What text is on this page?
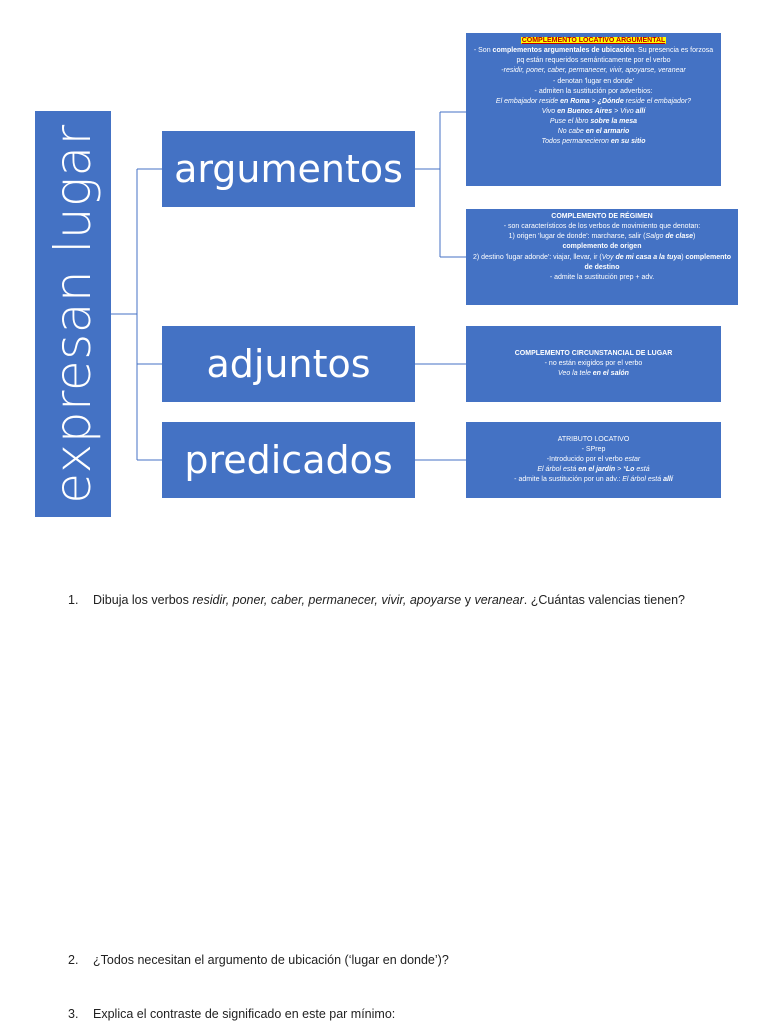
expresan lugar argumentos
adjuntos
predicados
COMPLEMENTO LOCATIVO ARGUMENTAL
- Son complementos argumentales de ubicación. Su presencia es forzosa pq están requeridos semánticamente por el verbo
-residir, poner, caber, permanecer, vivir, apoyarse, veranear
- denotan 'lugar en donde'
- admiten la sustitución por adverbios:
El embajador reside en Roma > ¿Dónde reside el embajador?
Vivo en Buenos Aires > Vivo allí
Puse el libro sobre la mesa
No cabe en el armario
Todos permanecieron en su sitio
COMPLEMENTO DE RÉGIMEN
- son característicos de los verbos de movimiento que denotan:
1) origen 'lugar de donde': marcharse, salir (Salgo de clase)
complemento de origen
2) destino 'lugar adonde': viajar, llevar, ir (Voy de mi casa a la tuya) complemento de destino
- admite la sustitución prep + adv.
COMPLEMENTO CIRCUNSTANCIAL DE LUGAR
- no están exigidos por el verbo
Veo la tele en el salón
ATRIBUTO LOCATIVO
- SPrep
-Introducido por el verbo estar
El árbol está en el jardín > *Lo está
- admite la sustitución por un adv.: El árbol está allí
1. Dibuja los verbos residir, poner, caber, permanecer, vivir, apoyarse y veranear. ¿Cuántas valencias tienen?
2. ¿Todos necesitan el argumento de ubicación (‘lugar en donde’)?
3. Explica el contraste de significado en este par mínimo:
